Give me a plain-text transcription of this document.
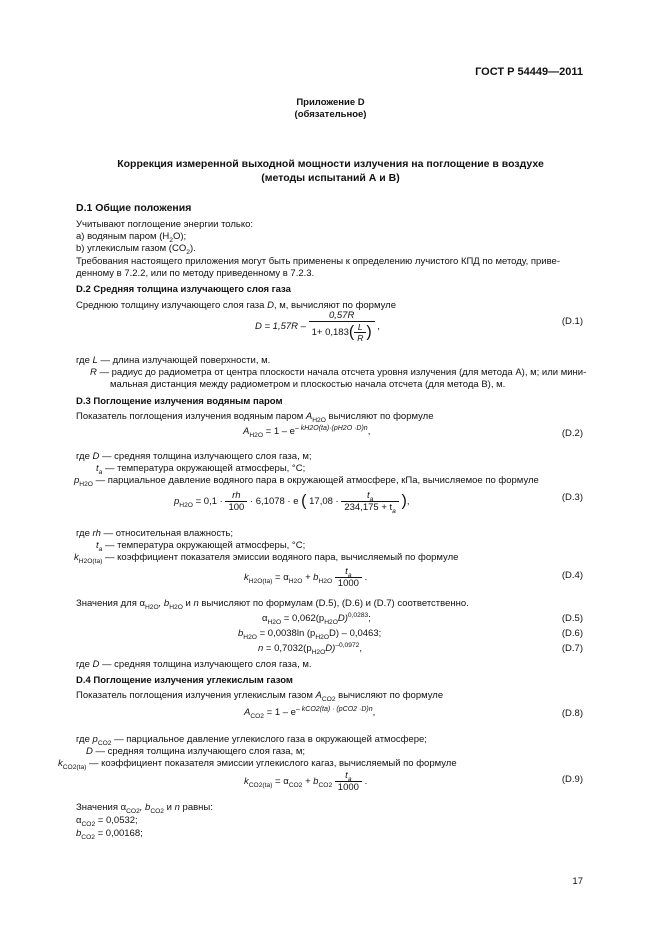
ГОСТ Р 54449—2011
Приложение D
(обязательное)
Коррекция измеренной выходной мощности излучения на поглощение в воздухе
(методы испытаний А и В)
D.1 Общие положения
Учитывают поглощение энергии только:
а) водяным паром $(H_2O)$;
b) углекислым газом $(CO_2)$.
Требования настоящего приложения могут быть применены к определению лучистого КПД по методу, приве-
денному в 7.2.2, или по методу приведенному в 7.2.3.
D.2 Средняя толщина излучающего слоя газа
Среднюю толщину излучающего слоя газа D, м, вычисляют по формуле
$D = 1,57R - \frac{0,57R}{1+ 0,183( \frac{L}{R} )}$ ,	(D.1)
где L — длина излучающей поверхности, м.
R — радиус до радиометра от центра плоскости начала отсчета уровня излучения (для метода А), м; или мини-
мальная дистанция между радиометром и плоскостью начала отсчета (для метода В), м.
D.3 Поглощение излучения водяным паром
Показатель поглощения излучения водяным паром $A_{H2O}$ вычисляют по формуле
$A_{H2O} = 1 - e^{- kH2O(ta)\cdot(pH2O \cdot D)n}$,	(D.2)
где D — средняя толщина излучающего слоя газа, м;
$t_a$ — температура окружающей атмосферы, °С;
$p_{H2O}$ — парциальное давление водяного пара в окружающей атмосфере, кПа, вычисляемое по формуле
$p_{H2O} = 0,1 \cdot \frac{rh}{100} \cdot 6,1078 \cdot e$ ( $17,08 \cdot \frac{t_a}{234,175 + t_a}$ ),	(D.3)
где rh — относительная влажность;
$t_a$ — температура окружающей атмосферы, °С;
$k_{H2O(ta)}$ — коэффициент показателя эмиссии водяного пара, вычисляемый по формуле
$k_{H2O(ta)} = \alpha_{H2O} + b_{H2O} \frac{t_a}{1000}$ .	(D.4)
Значения для $\alpha_{H2O}$, $b_{H2O}$ и n вычисляют по формулам (D.5), (D.6) и (D.7) соответственно.
$\alpha_{H2O} = 0,062(p_{H2O}D)^{0,0283}$;	(D.5)
$b_{H2O} = 0,0038\ln$ $(p_{H2O}D) - 0,0463$;	(D.6)
$n = 0,7032(p_{H2O}D)^{-0,0972}$,	(D.7)
где D — средняя толщина излучающего слоя газа, м.
D.4 Поглощение излучения углекислым газом
Показатель поглощения излучения углекислым газом $A_{CO2}$ вычисляют по формуле
$A_{CO2} = 1 - e^{- kCO2(ta) \cdot (pCO2 \cdot D)n}$,	(D.8)
где $p_{CO2}$ — парциальное давление углекислого газа в окружающей атмосфере;
D — средняя толщина излучающего слоя газа, м;
$k_{CO2(ta)}$ — коэффициент показателя эмиссии углекислого кагаз, вычисляемый по формуле
$k_{CO2(ta)} = \alpha_{CO2} + b_{CO2} \frac{t_a}{1000}$ .	(D.9)
Значения $\alpha_{CO2}$, $b_{CO2}$ и n равны:
$\alpha_{CO2} = 0,0532$;
$b_{CO2} = 0,00168$;
17
